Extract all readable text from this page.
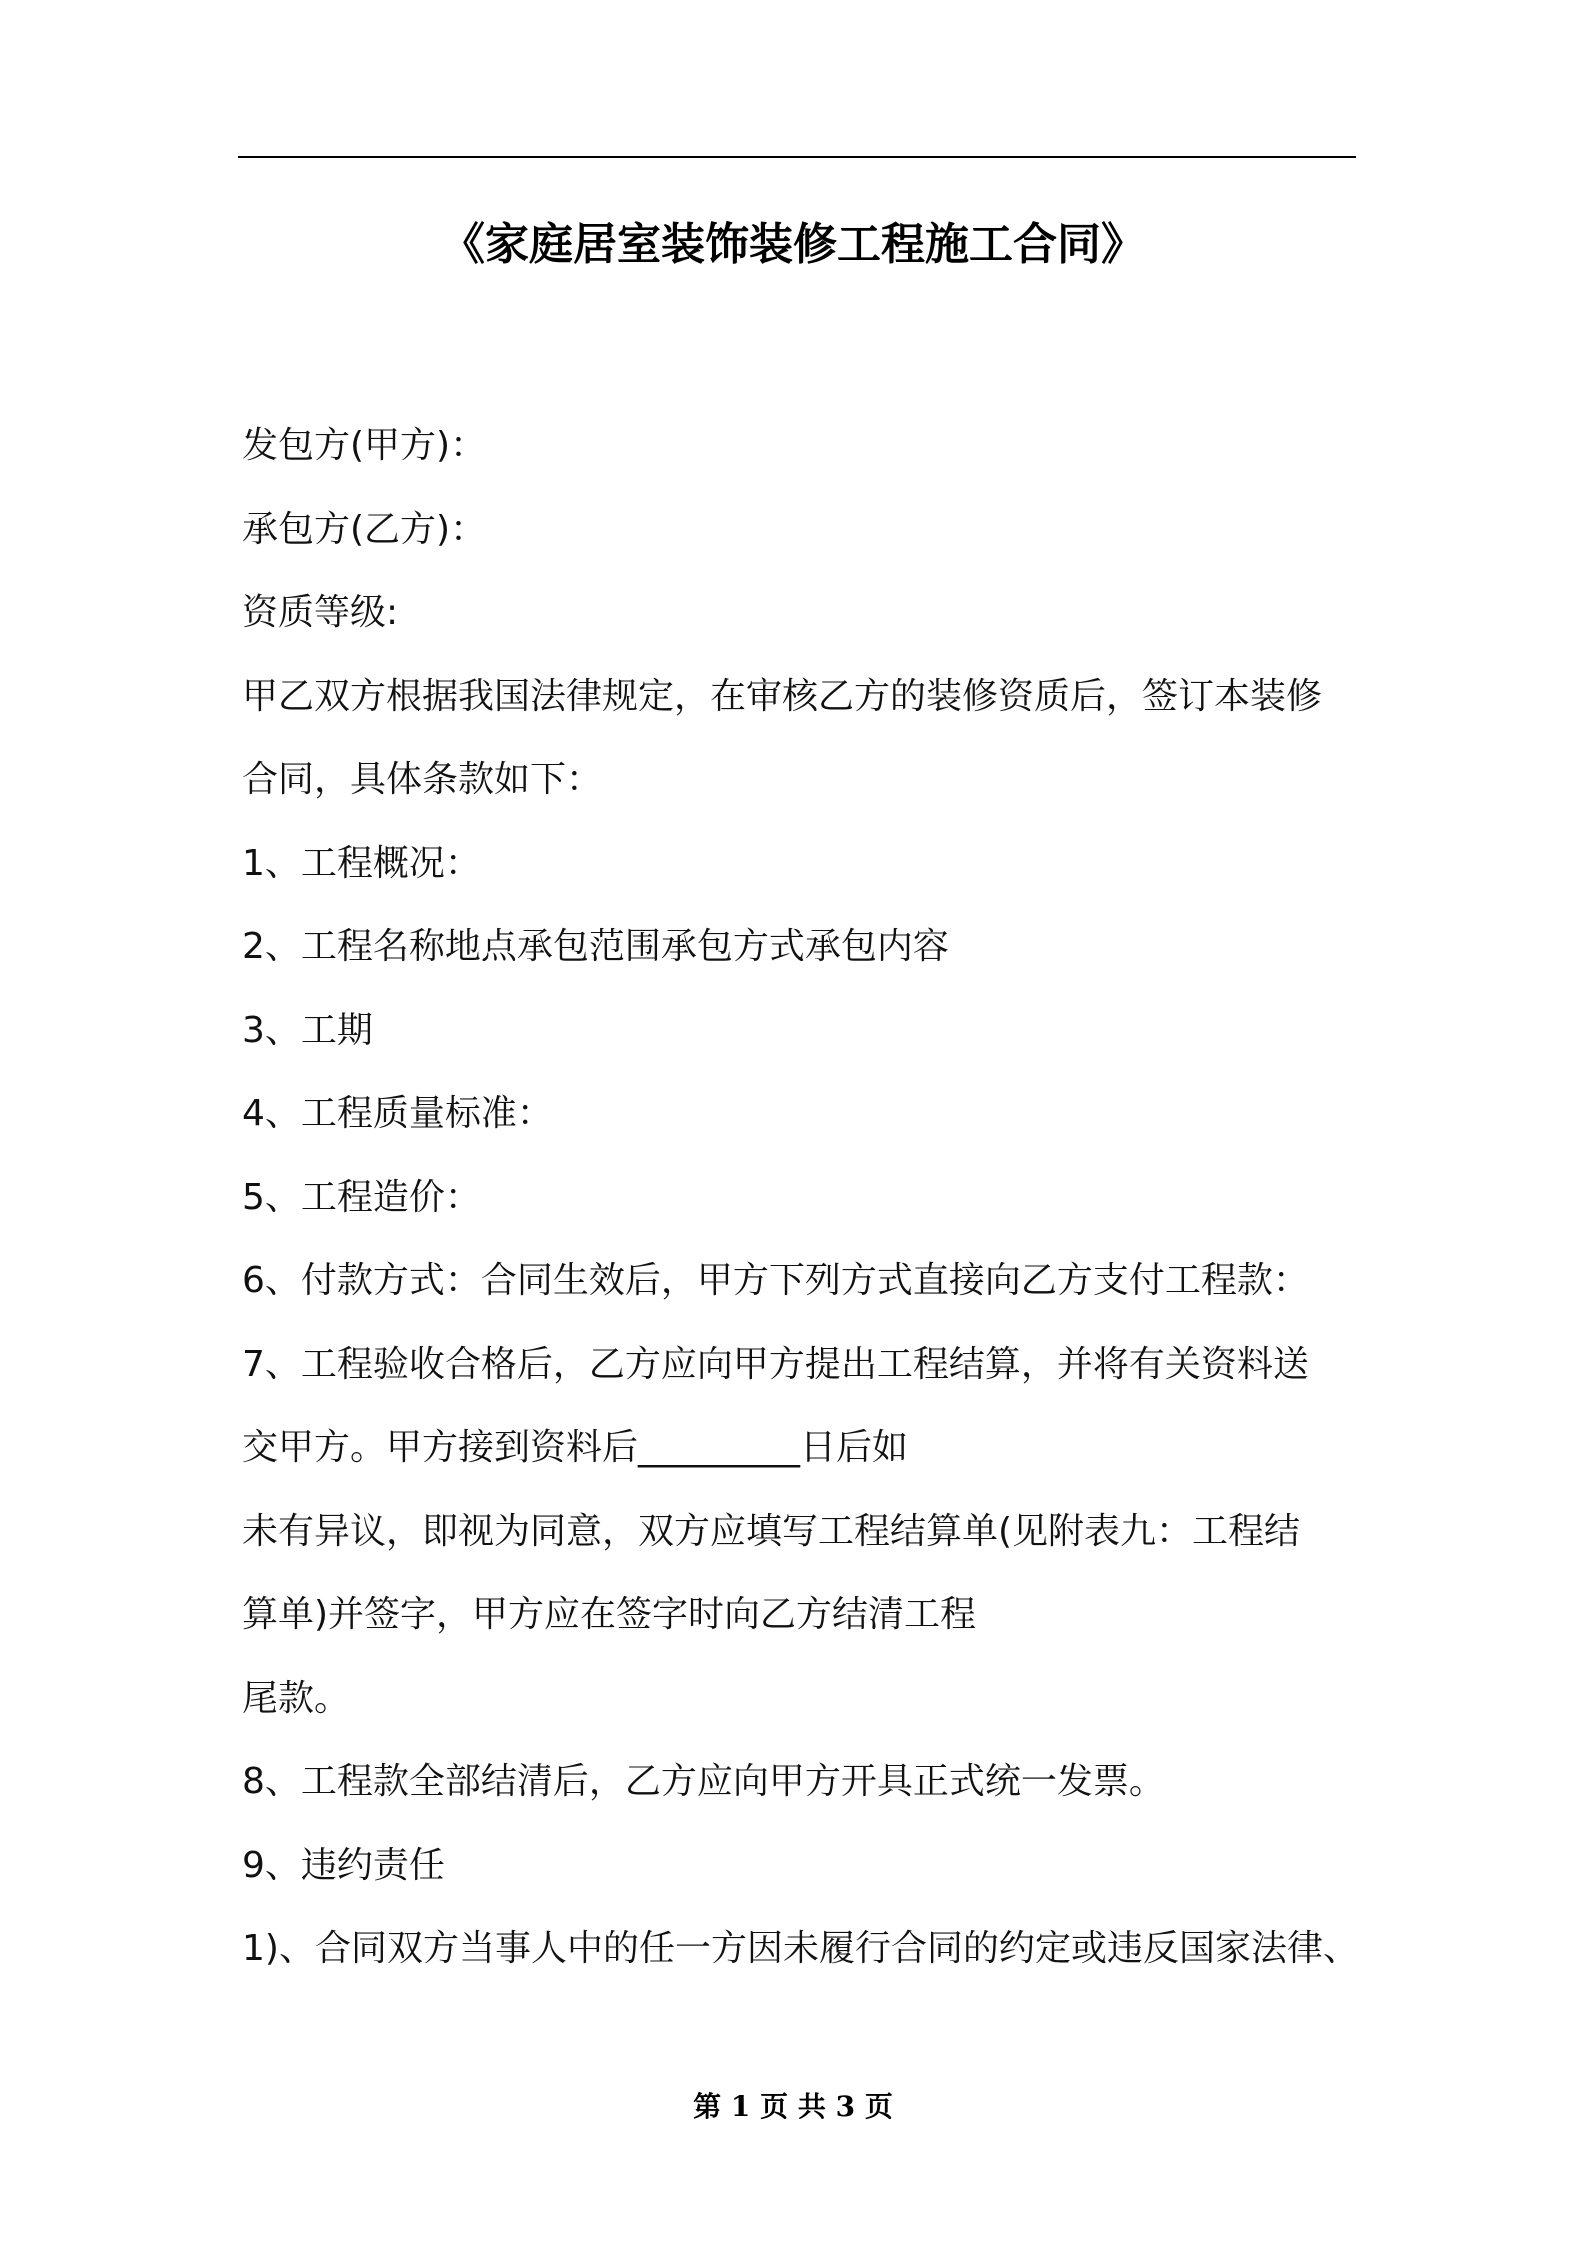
《家庭居室装饰装修工程施工合同》
发包方(甲方)：
承包方(乙方)：
资质等级:
甲乙双方根据我国法律规定，在审核乙方的装修资质后，签订本装修
合同，具体条款如下：
1、工程概况：
2、工程名称地点承包范围承包方式承包内容
3、工期
4、工程质量标准：
5、工程造价：
6、付款方式：合同生效后，甲方下列方式直接向乙方支付工程款：
7、工程验收合格后，乙方应向甲方提出工程结算，并将有关资料送
交甲方。甲方接到资料后_________日后如
未有异议，即视为同意，双方应填写工程结算单(见附表九：工程结
算单)并签字，甲方应在签字时向乙方结清工程
尾款。
8、工程款全部结清后，乙方应向甲方开具正式统一发票。
9、违约责任
1)、合同双方当事人中的任一方因未履行合同的约定或违反国家法律、
第 1 页 共 3 页
